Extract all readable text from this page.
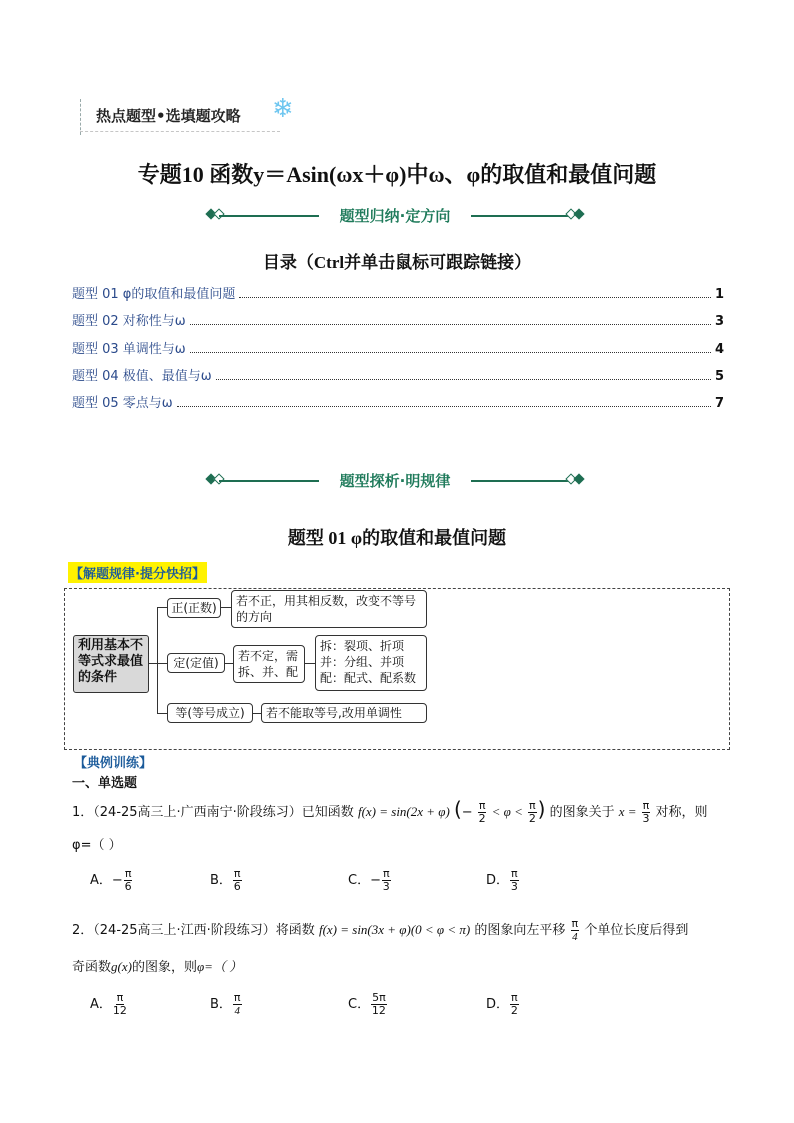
热点题型•选填题攻略 ❄
专题10 函数y＝Asin(ωx＋φ)中ω、φ的取值和最值问题
题型归纳·定方向
目录（Ctrl并单击鼠标可跟踪链接）
题型 01 φ的取值和最值问题	1
题型 02 对称性与ω	3
题型 03 单调性与ω	4
题型 04 极值、最值与ω	5
题型 05 零点与ω	7
题型探析·明规律
题型 01 φ的取值和最值问题
【解题规律·提分快招】
利用基本不等式求最值的条件
正(正数)	若不正，用其相反数，改变不等号的方向
定(定值)	若不定，需拆、并、配
拆：裂项、折项
并：分组、并项
配：配式、配系数
等(等号成立)	若不能取等号,改用单调性
【典例训练】
一、单选题
1．（24-25高三上·广西南宁·阶段练习）已知函数 f(x) = sin(2x + φ) (− $\frac{\pi}{2} < \varphi < \frac{\pi}{2}$ ) 的图象关于 $x = \frac{\pi}{3}$ 对称，则
φ=（ ）
A．− $\frac{\pi}{6}$	B． $\frac{\pi}{6}$	C．− $\frac{\pi}{3}$	D． $\frac{\pi}{3}$
2．（24-25高三上·江西·阶段练习）将函数 f(x) = sin(3x + φ)(0 < φ < π) 的图象向左平移 $\frac{\pi}{4}$ 个单位长度后得到
奇函数g(x)的图象，则φ=（ ）
A． $\frac{\pi}{12}$	B． $\frac{\pi}{4}$	C． $\frac{5\pi}{12}$	D． $\frac{\pi}{2}$
